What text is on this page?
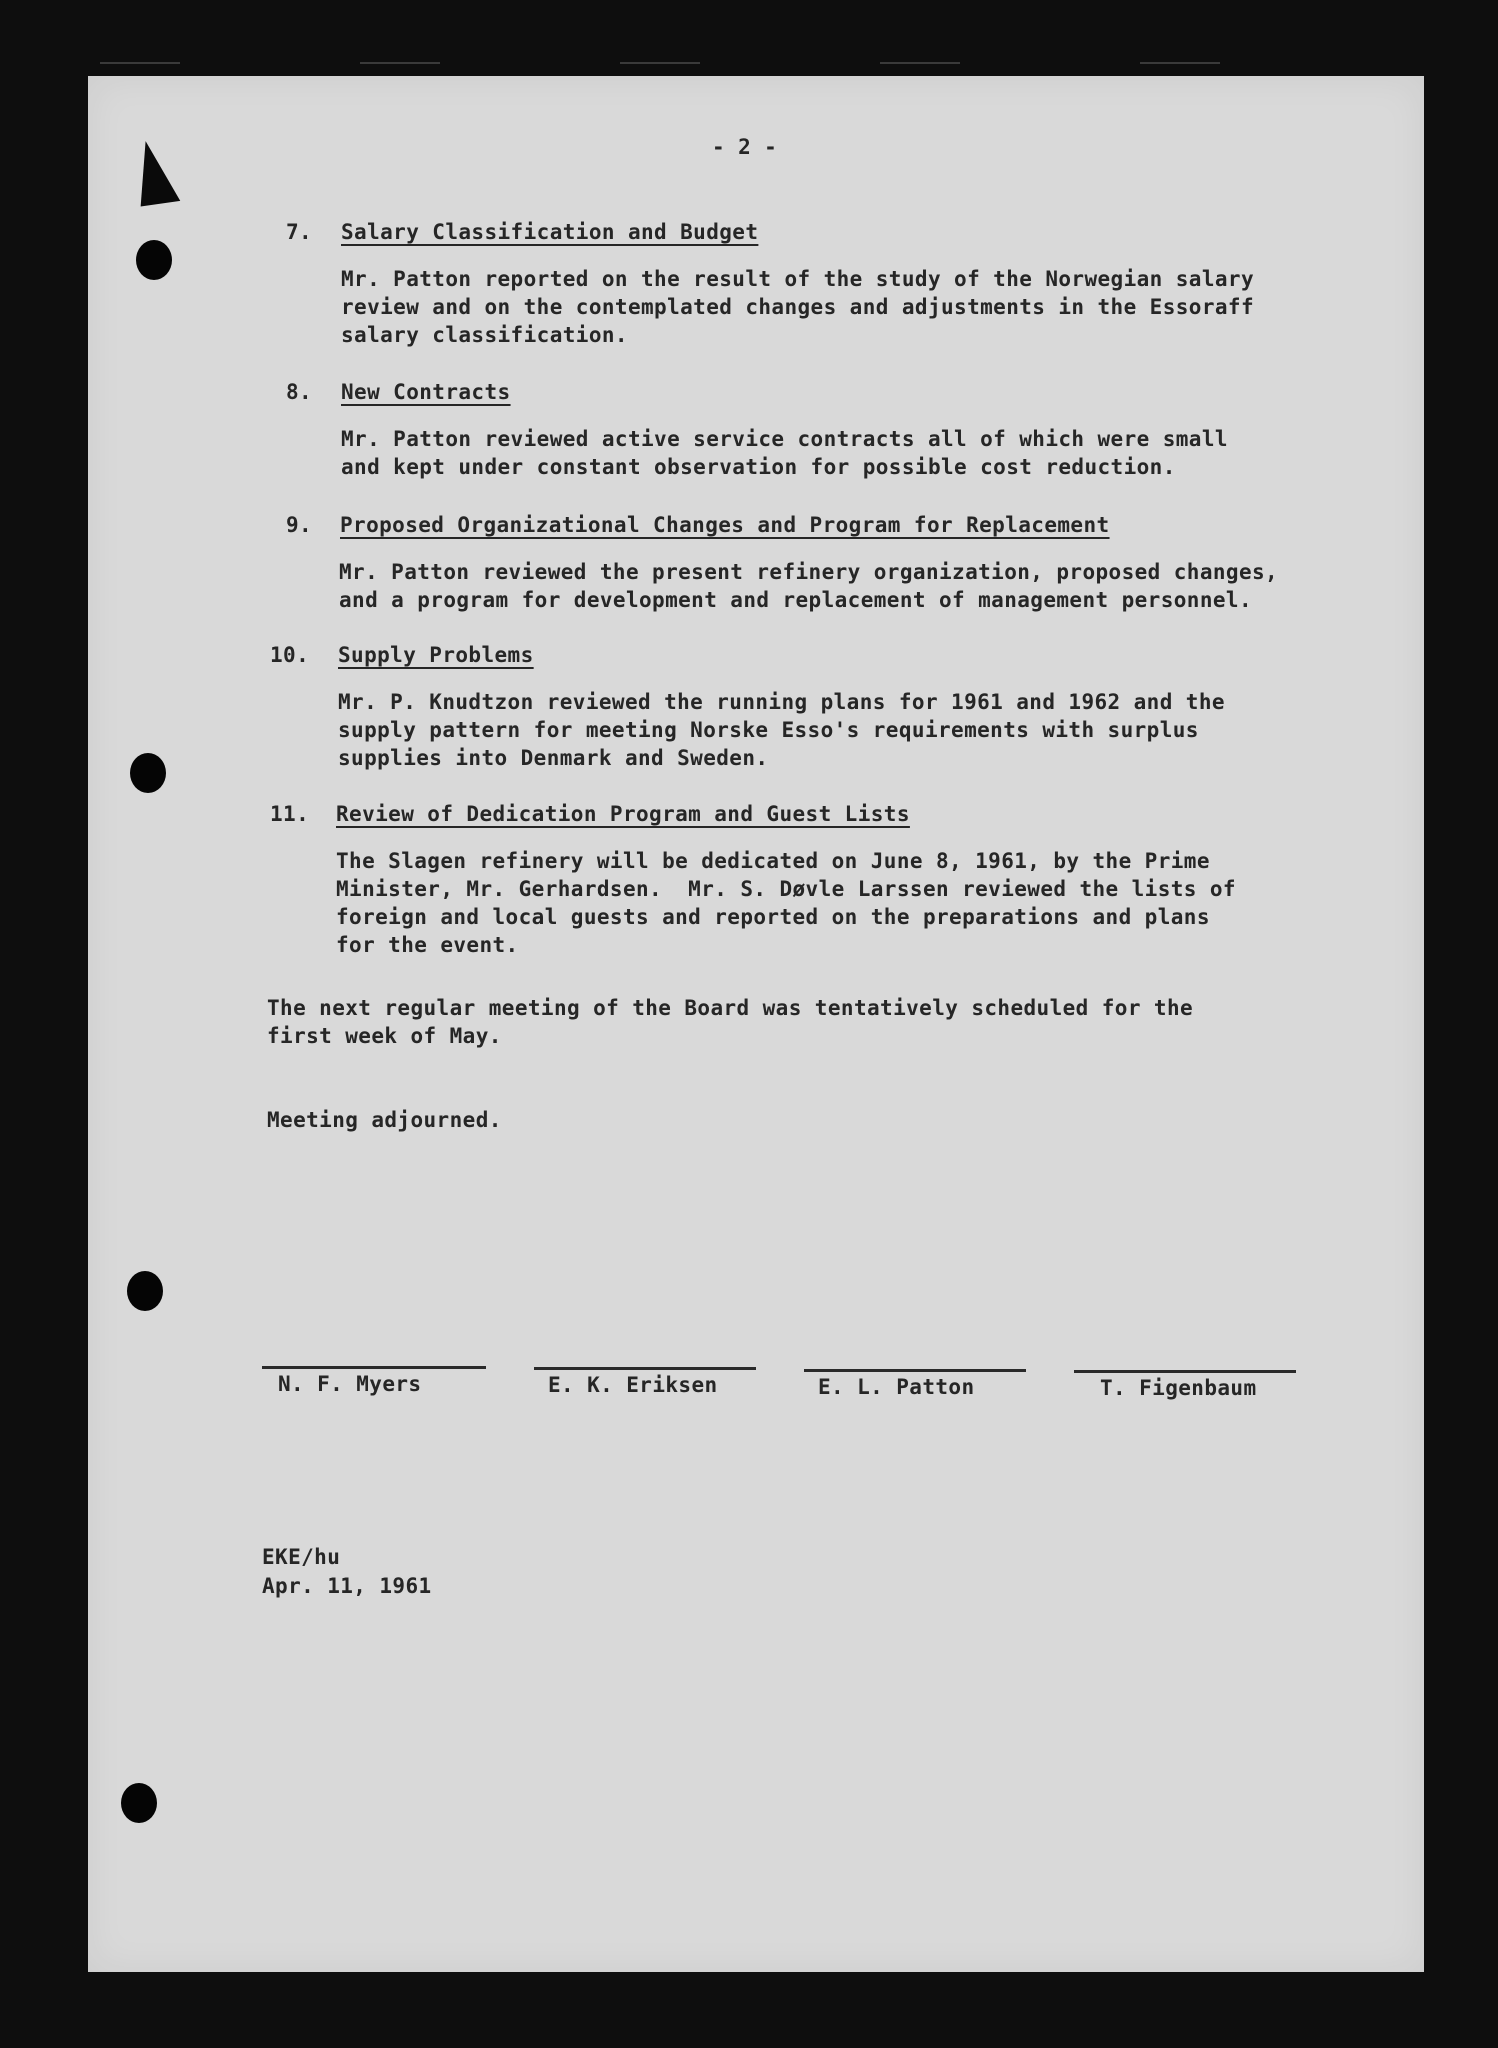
- 2 -
7. Salary Classification and Budget
Mr. Patton reported on the result of the study of the Norwegian salary
review and on the contemplated changes and adjustments in the Essoraff
salary classification.
8. New Contracts
Mr. Patton reviewed active service contracts all of which were small
and kept under constant observation for possible cost reduction.
9. Proposed Organizational Changes and Program for Replacement
Mr. Patton reviewed the present refinery organization, proposed changes,
and a program for development and replacement of management personnel.
10. Supply Problems
Mr. P. Knudtzon reviewed the running plans for 1961 and 1962 and the
supply pattern for meeting Norske Esso's requirements with surplus
supplies into Denmark and Sweden.
11. Review of Dedication Program and Guest Lists
The Slagen refinery will be dedicated on June 8, 1961, by the Prime
Minister, Mr. Gerhardsen.  Mr. S. Døvle Larssen reviewed the lists of
foreign and local guests and reported on the preparations and plans
for the event.
The next regular meeting of the Board was tentatively scheduled for the
first week of May.
Meeting adjourned.
N. F. Myers	E. K. Eriksen	E. L. Patton	T. Figenbaum
EKE/hu
Apr. 11, 1961
